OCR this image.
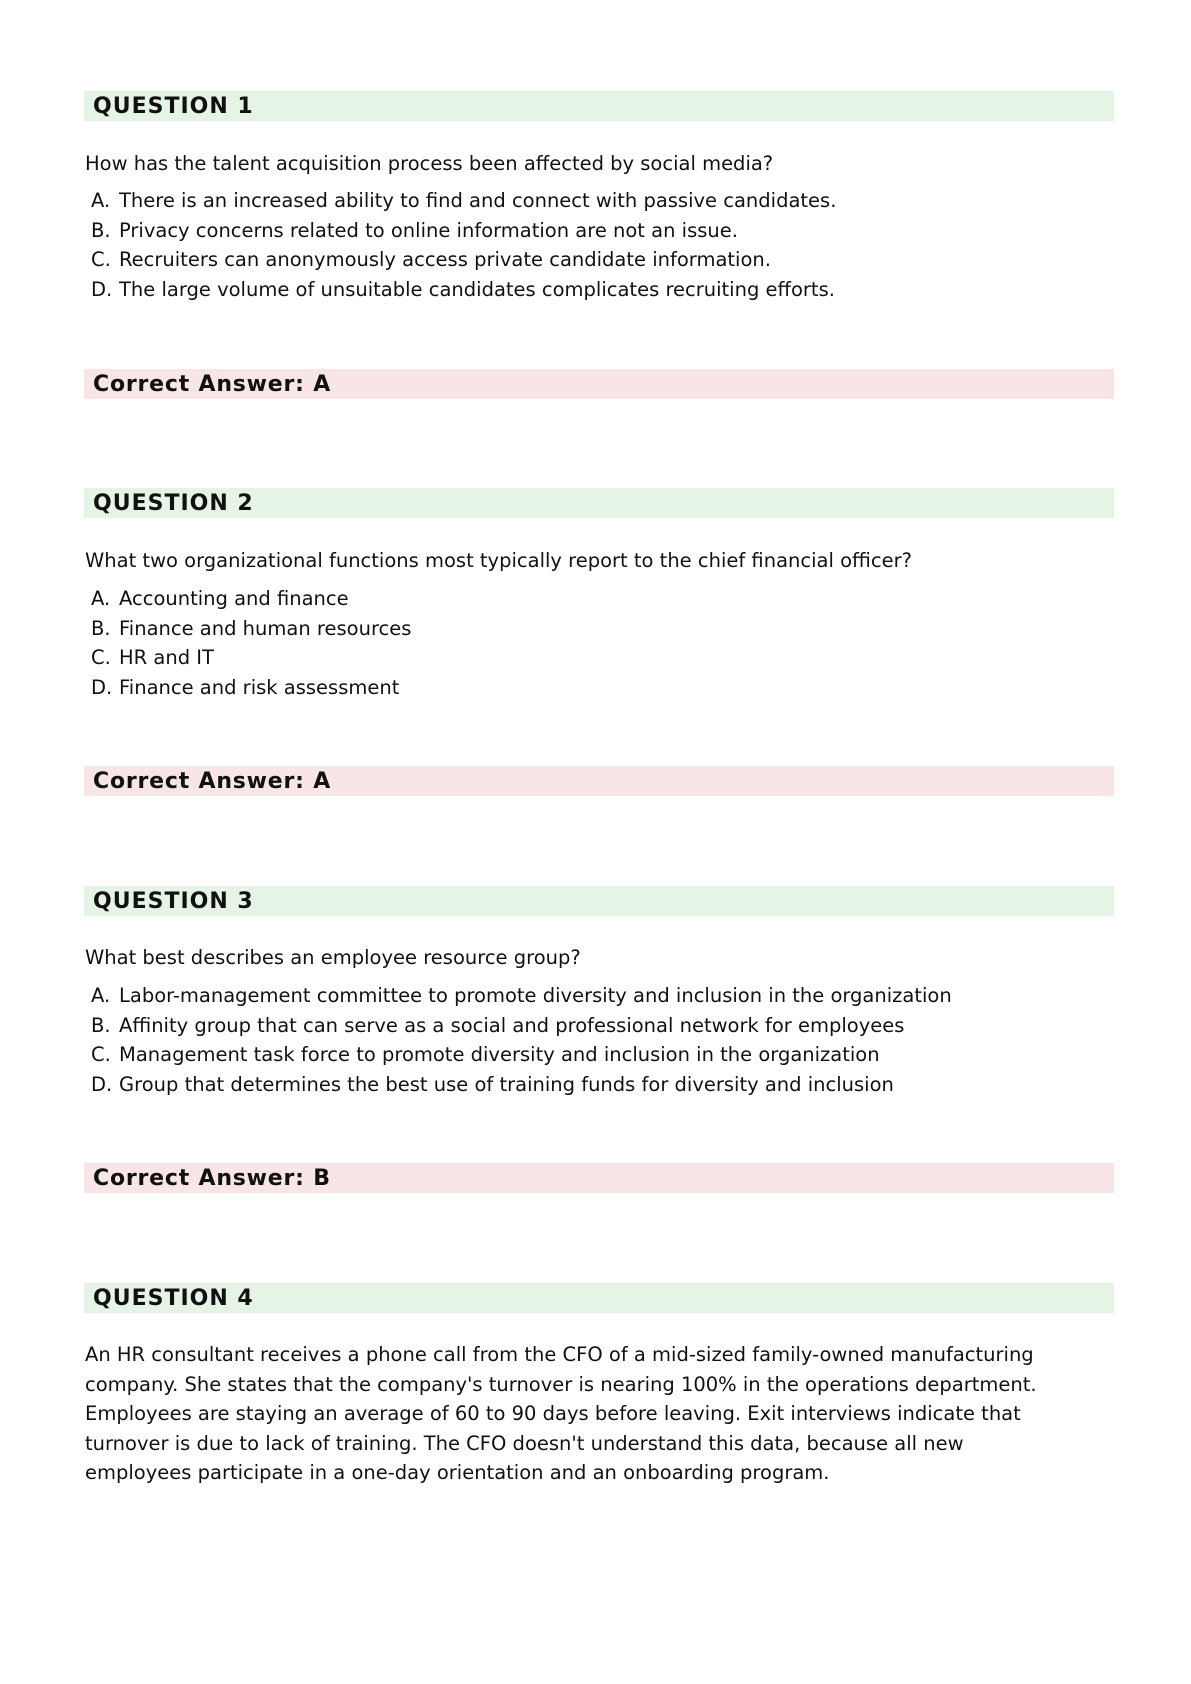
QUESTION 1
How has the talent acquisition process been affected by social media?
A. There is an increased ability to find and connect with passive candidates.
B. Privacy concerns related to online information are not an issue.
C. Recruiters can anonymously access private candidate information.
D. The large volume of unsuitable candidates complicates recruiting efforts.
Correct Answer: A
QUESTION 2
What two organizational functions most typically report to the chief financial officer?
A. Accounting and finance
B. Finance and human resources
C. HR and IT
D. Finance and risk assessment
Correct Answer: A
QUESTION 3
What best describes an employee resource group?
A. Labor-management committee to promote diversity and inclusion in the organization
B. Affinity group that can serve as a social and professional network for employees
C. Management task force to promote diversity and inclusion in the organization
D. Group that determines the best use of training funds for diversity and inclusion
Correct Answer: B
QUESTION 4
An HR consultant receives a phone call from the CFO of a mid-sized family-owned manufacturing company. She states that the company's turnover is nearing 100% in the operations department. Employees are staying an average of 60 to 90 days before leaving. Exit interviews indicate that turnover is due to lack of training. The CFO doesn't understand this data, because all new employees participate in a one-day orientation and an onboarding program.
